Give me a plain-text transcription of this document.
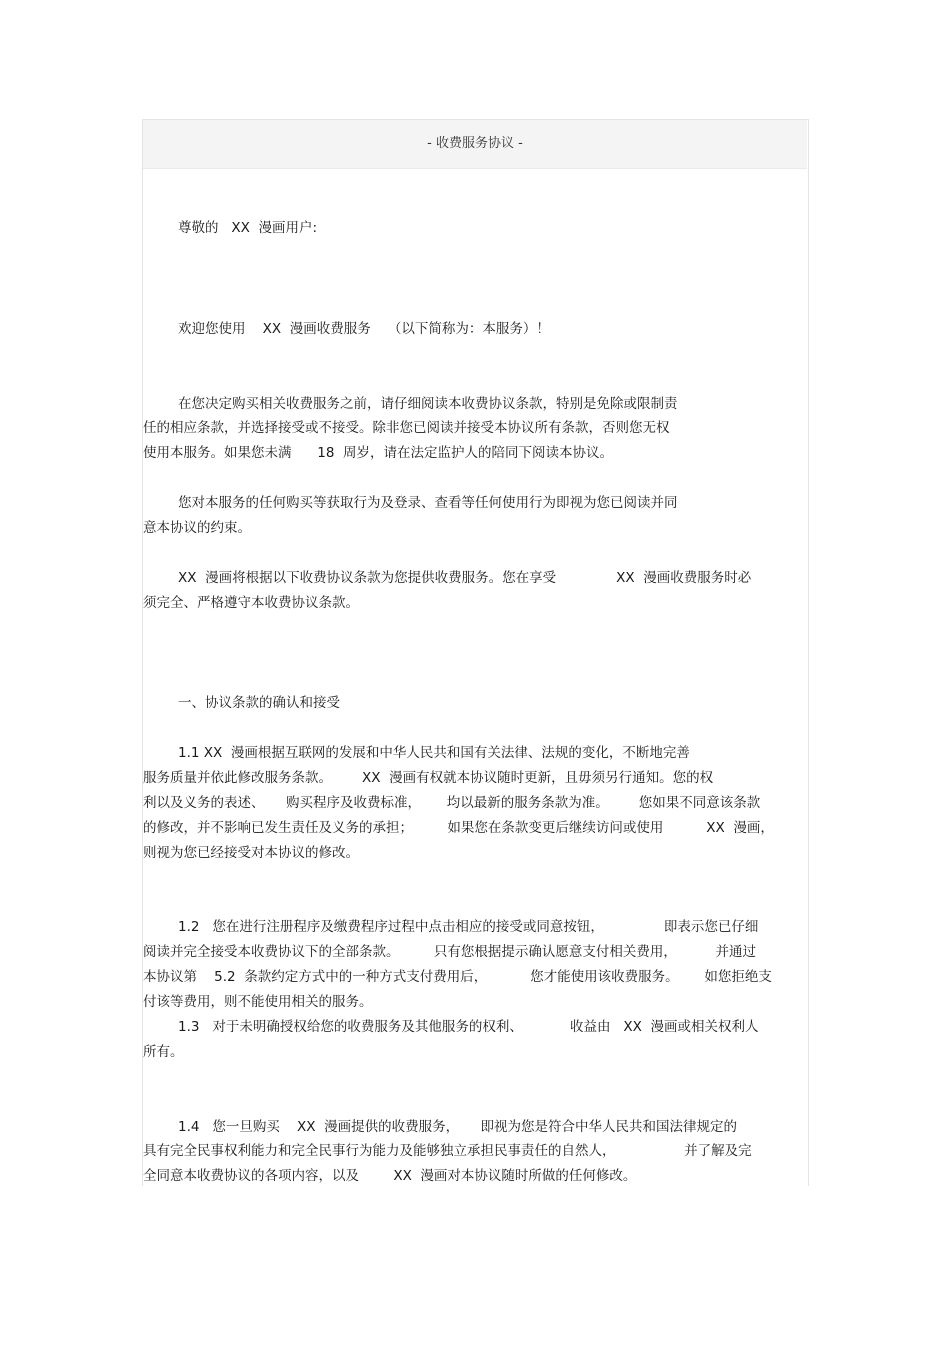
- 收费服务协议 -
尊敬的   XX  漫画用户:
欢迎您使用    XX  漫画收费服务    （以下简称为：本服务）！
在您决定购买相关收费服务之前，请仔细阅读本收费协议条款，特别是免除或限制责
任的相应条款，并选择接受或不接受。除非您已阅读并接受本协议所有条款，否则您无权
使用本服务。如果您未满      18  周岁，请在法定监护人的陪同下阅读本协议。
您对本服务的任何购买等获取行为及登录、查看等任何使用行为即视为您已阅读并同
意本协议的约束。
XX  漫画将根据以下收费协议条款为您提供收费服务。您在享受              XX  漫画收费服务时必
须完全、严格遵守本收费协议条款。
一、协议条款的确认和接受
1.1 XX  漫画根据互联网的发展和中华人民共和国有关法律、法规的变化，不断地完善
服务质量并依此修改服务条款。       XX  漫画有权就本协议随时更新，且毋须另行通知。您的权
利以及义务的表述、     购买程序及收费标准，      均以最新的服务条款为准。       您如果不同意该条款
的修改，并不影响已发生责任及义务的承担；        如果您在条款变更后继续访问或使用          XX  漫画，
则视为您已经接受对本协议的修改。
1.2   您在进行注册程序及缴费程序过程中点击相应的接受或同意按钮，              即表示您已仔细
阅读并完全接受本收费协议下的全部条款。        只有您根据提示确认愿意支付相关费用，         并通过
本协议第    5.2  条款约定方式中的一种方式支付费用后，          您才能使用该收费服务。      如您拒绝支
付该等费用，则不能使用相关的服务。
1.3   对于未明确授权给您的收费服务及其他服务的权利、           收益由   XX  漫画或相关权利人
所有。
1.4   您一旦购买    XX  漫画提供的收费服务，     即视为您是符合中华人民共和国法律规定的
具有完全民事权利能力和完全民事行为能力及能够独立承担民事责任的自然人，                并了解及完
全同意本收费协议的各项内容，以及        XX  漫画对本协议随时所做的任何修改。
